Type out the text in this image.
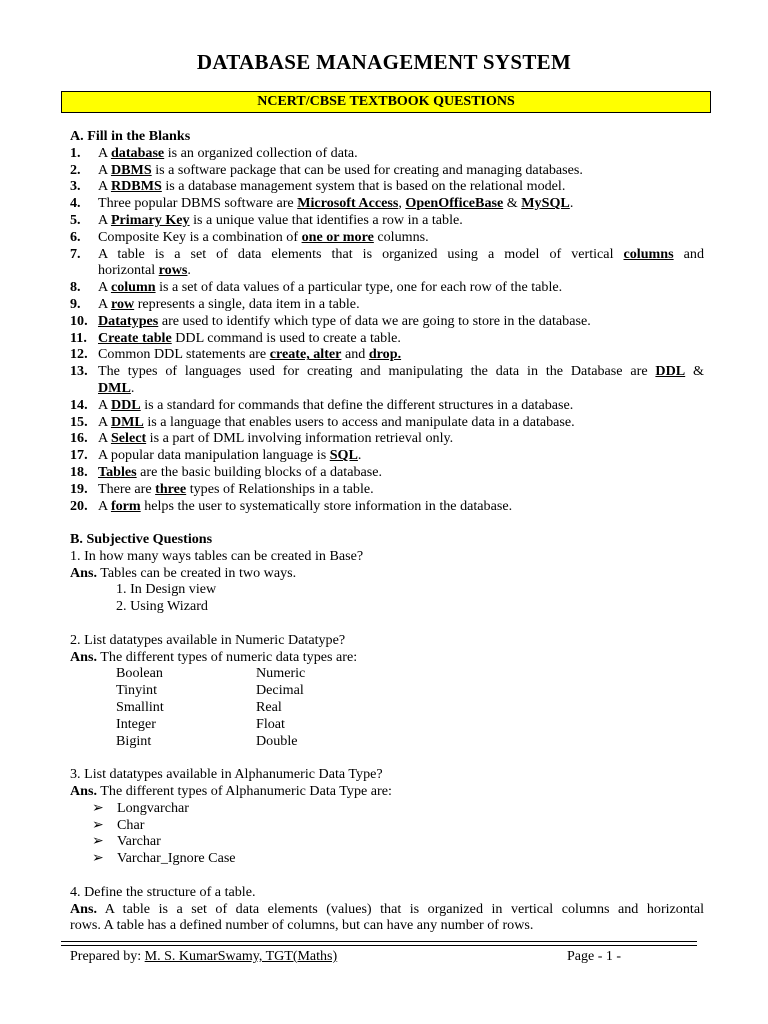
DATABASE MANAGEMENT SYSTEM
NCERT/CBSE TEXTBOOK QUESTIONS
A. Fill in the Blanks
1. A database is an organized collection of data.
2. A DBMS is a software package that can be used for creating and managing databases.
3. A RDBMS is a database management system that is based on the relational model.
4. Three popular DBMS software are Microsoft Access, OpenOfficeBase & MySQL.
5. A Primary Key is a unique value that identifies a row in a table.
6. Composite Key is a combination of one or more columns.
7. A table is a set of data elements that is organized using a model of vertical columns and
horizontal rows.
8. A column is a set of data values of a particular type, one for each row of the table.
9. A row represents a single, data item in a table.
10. Datatypes are used to identify which type of data we are going to store in the database.
11. Create table DDL command is used to create a table.
12. Common DDL statements are create, alter and drop.
13. The types of languages used for creating and manipulating the data in the Database are DDL &
DML.
14. A DDL is a standard for commands that define the different structures in a database.
15. A DML is a language that enables users to access and manipulate data in a database.
16. A Select is a part of DML involving information retrieval only.
17. A popular data manipulation language is SQL.
18. Tables are the basic building blocks of a database.
19. There are three types of Relationships in a table.
20. A form helps the user to systematically store information in the database.
B. Subjective Questions
1. In how many ways tables can be created in Base?
Ans. Tables can be created in two ways.
1. In Design view
2. Using Wizard
2. List datatypes available in Numeric Datatype?
Ans. The different types of numeric data types are:
Boolean	Numeric
Tinyint	Decimal
Smallint	Real
Integer	Float
Bigint	Double
3. List datatypes available in Alphanumeric Data Type?
Ans. The different types of Alphanumeric Data Type are:
➢ Longvarchar
➢ Char
➢ Varchar
➢ Varchar_Ignore Case
4. Define the structure of a table.
Ans. A table is a set of data elements (values) that is organized in vertical columns and horizontal
rows. A table has a defined number of columns, but can have any number of rows.
Prepared by: M. S. KumarSwamy, TGT(Maths)	Page - 1 -
